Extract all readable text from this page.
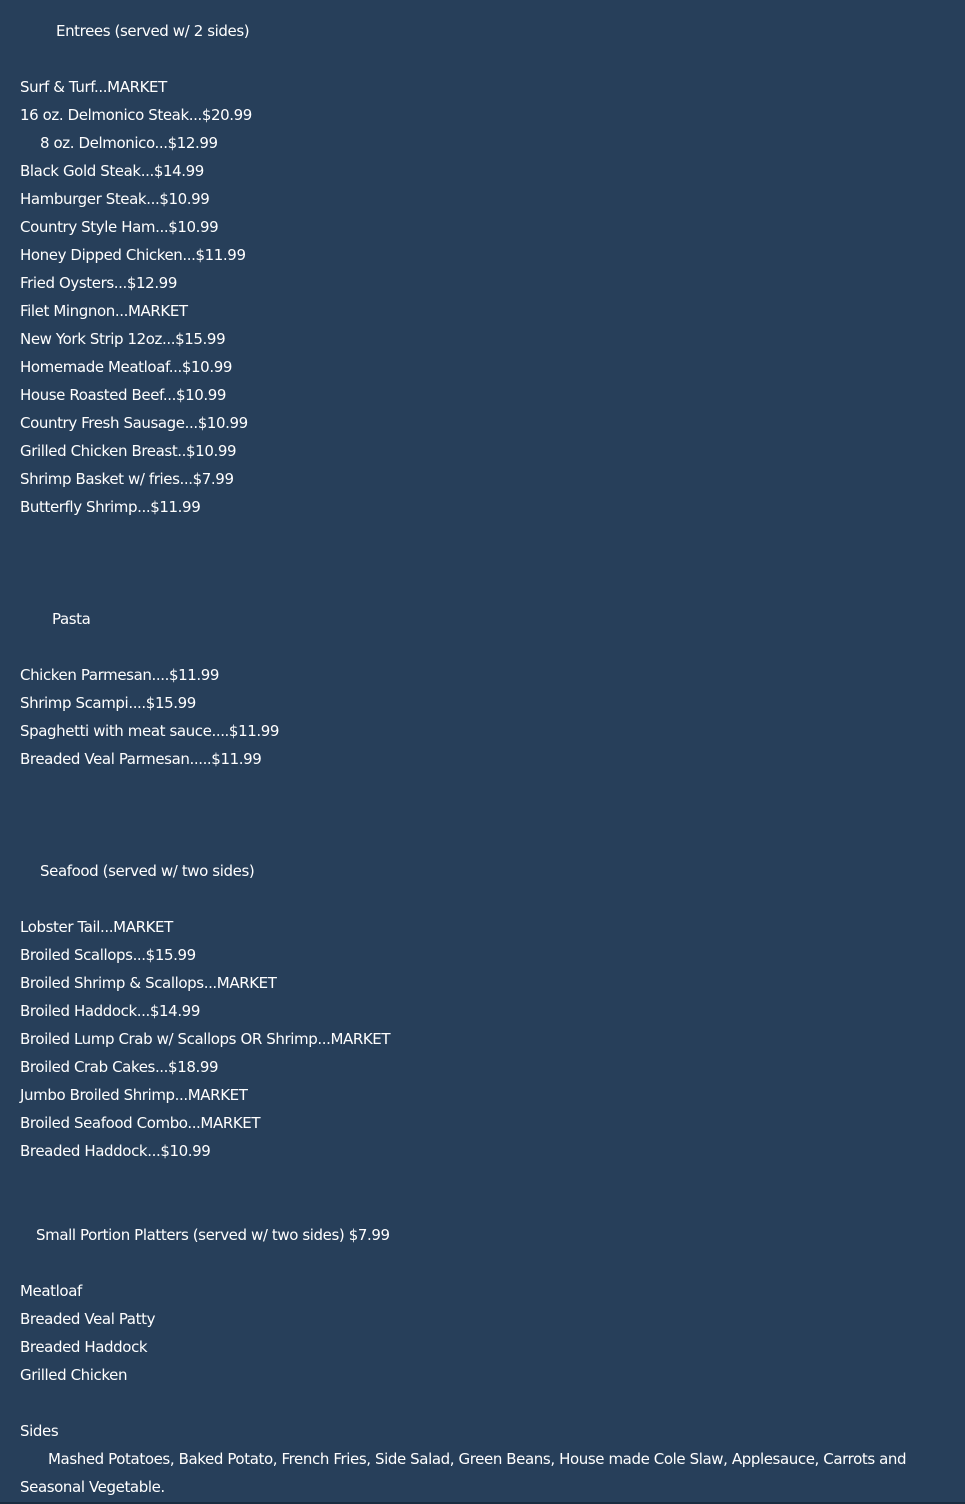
Entrees (served w/ 2 sides)
Surf & Turf...MARKET
16 oz. Delmonico Steak...$20.99
8 oz. Delmonico...$12.99
Black Gold Steak...$14.99
Hamburger Steak...$10.99
Country Style Ham...$10.99
Honey Dipped Chicken...$11.99
Fried Oysters...$12.99
Filet Mingnon...MARKET
New York Strip 12oz...$15.99
Homemade Meatloaf...$10.99
House Roasted Beef...$10.99
Country Fresh Sausage...$10.99
Grilled Chicken Breast..$10.99
Shrimp Basket w/ fries...$7.99
Butterfly Shrimp...$11.99
Pasta
Chicken Parmesan....$11.99
Shrimp Scampi....$15.99
Spaghetti with meat sauce....$11.99
Breaded Veal Parmesan.....$11.99
Seafood (served w/ two sides)
Lobster Tail...MARKET
Broiled Scallops...$15.99
Broiled Shrimp & Scallops...MARKET
Broiled Haddock...$14.99
Broiled Lump Crab w/ Scallops OR Shrimp...MARKET
Broiled Crab Cakes...$18.99
Jumbo Broiled Shrimp...MARKET
Broiled Seafood Combo...MARKET
Breaded Haddock...$10.99
Small Portion Platters (served w/ two sides) $7.99
Meatloaf
Breaded Veal Patty
Breaded Haddock
Grilled Chicken
Sides
Mashed Potatoes, Baked Potato, French Fries, Side Salad, Green Beans, House made Cole Slaw, Applesauce, Carrots and Seasonal Vegetable.
